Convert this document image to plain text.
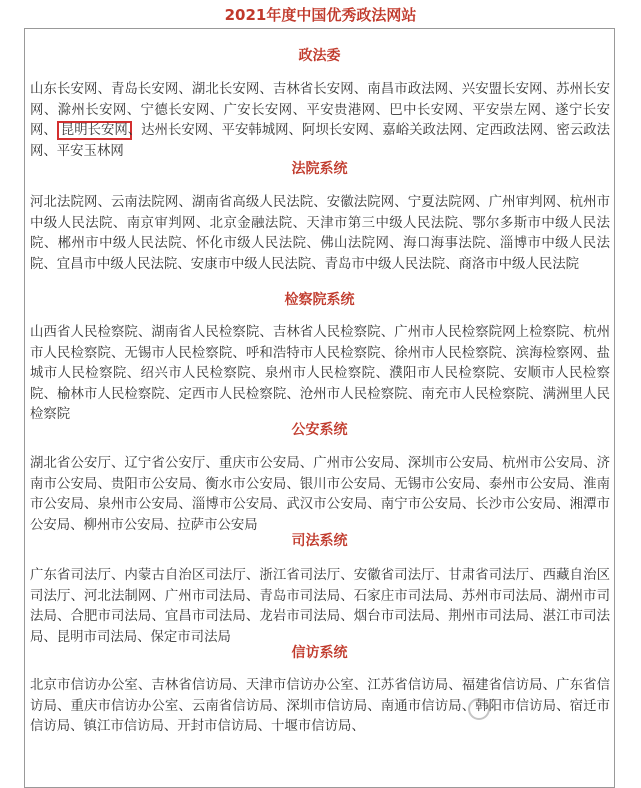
2021年度中国优秀政法网站
政法委

山东长安网、青岛长安网、湖北长安网、吉林省长安网、南昌市政法网、兴安盟长安网、苏州长安网、滁州长安网、宁德长安网、广安长安网、平安贵港网、巴中长安网、平安崇左网、遂宁长安网、 昆明长安网、达州长安网、平安韩城网、阿坝长安网、嘉峪关政法网、定西政法网、密云政法网、平安玉林网

法院系统

河北法院网、云南法院网、湖南省高级人民法院、安徽法院网、宁夏法院网、广州审判网、杭州市中级人民法院、南京审判网、北京金融法院、天津市第三中级人民法院、鄂尔多斯市中级人民法院、郴州市中级人民法院、怀化市级人民法院、佛山法院网、海口海事法院、淄博市中级人民法院、宜昌市中级人民法院、安康市中级人民法院、青岛市中级人民法院、商洛市中级人民法院

检察院系统

山西省人民检察院、湖南省人民检察院、吉林省人民检察院、广州市人民检察院网上检察院、杭州市人民检察院、无锡市人民检察院、呼和浩特市人民检察院、徐州市人民检察院、滨海检察网、盐城市人民检察院、绍兴市人民检察院、泉州市人民检察院、濮阳市人民检察院、安顺市人民检察院、榆林市人民检察院、定西市人民检察院、沧州市人民检察院、南充市人民检察院、满洲里人民检察院

公安系统

湖北省公安厅、辽宁省公安厅、重庆市公安局、广州市公安局、深圳市公安局、杭州市公安局、济南市公安局、贵阳市公安局、衡水市公安局、银川市公安局、无锡市公安局、泰州市公安局、淮南市公安局、泉州市公安局、淄博市公安局、武汉市公安局、南宁市公安局、长沙市公安局、湘潭市公安局、柳州市公安局、拉萨市公安局

司法系统

广东省司法厅、内蒙古自治区司法厅、浙江省司法厅、安徽省司法厅、甘肃省司法厅、西藏自治区司法厅、河北法制网、广州市司法局、青岛市司法局、石家庄市司法局、苏州市司法局、湖州市司法局、合肥市司法局、宜昌市司法局、龙岩市司法局、烟台市司法局、荆州市司法局、湛江市司法局、昆明市司法局、保定市司法局

信访系统

北京市信访办公室、吉林省信访局、天津市信访办公室、江苏省信访局、福建省信访局、广东省信访局、重庆市信访办公室、云南省信访局、深圳市信访局、南通市信访局、韩阳市信访局、宿迁市信访局、镇江市信访局、开封市信访局、十堰市信访局、
